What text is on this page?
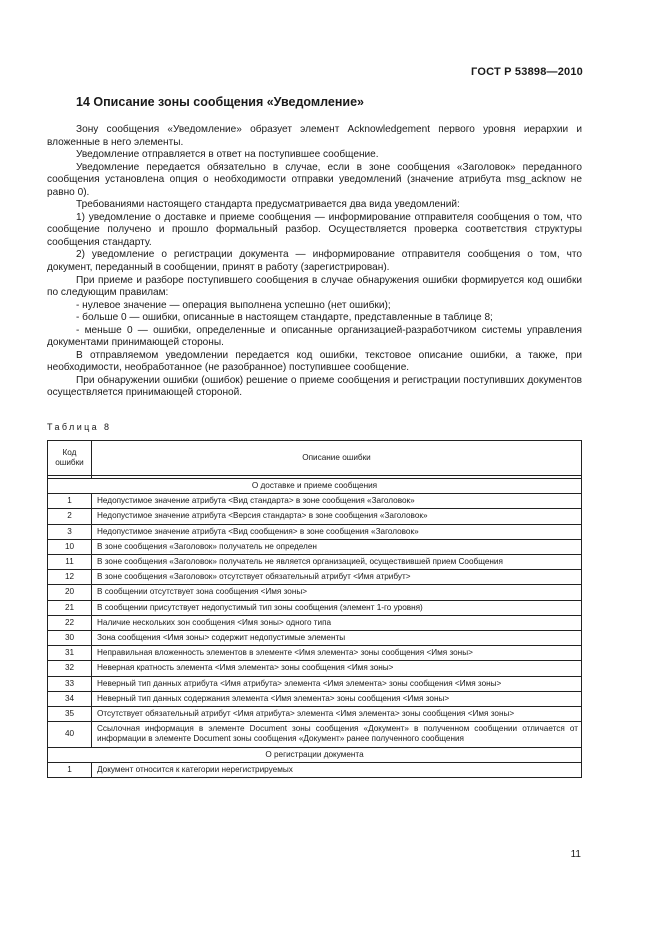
ГОСТ Р 53898—2010
14 Описание зоны сообщения «Уведомление»

Зону сообщения «Уведомление» образует элемент Acknowledgement первого уровня иерархии и вложенные в него элементы.

Уведомление отправляется в ответ на поступившее сообщение.

Уведомление передается обязательно в случае, если в зоне сообщения «Заголовок» переданного сообщения установлена опция о необходимости отправки уведомлений (значение атрибута msg_acknow не равно 0).

Требованиями настоящего стандарта предусматривается два вида уведомлений:

1) уведомление о доставке и приеме сообщения — информирование отправителя сообщения о том, что сообщение получено и прошло формальный разбор. Осуществляется проверка соответствия структуры сообщения стандарту.

2) уведомление о регистрации документа — информирование отправителя сообщения о том, что документ, переданный в сообщении, принят в работу (зарегистрирован).

При приеме и разборе поступившего сообщения в случае обнаружения ошибки формируется код ошибки по следующим правилам:

- нулевое значение — операция выполнена успешно (нет ошибки);

- больше 0 — ошибки, описанные в настоящем стандарте, представленные в таблице 8;

- меньше 0 — ошибки, определенные и описанные организацией-разработчиком системы управления документами принимающей стороны.

В отправляемом уведомлении передается код ошибки, текстовое описание ошибки, а также, при необходимости, необработанное (не разобранное) поступившее сообщение.

При обнаружении ошибки (ошибок) решение о приеме сообщения и регистрации поступивших документов осуществляется принимающей стороной.

Таблица 8
Код ошибки	Описание ошибки

О доставке и приеме сообщения	
1	Недопустимое значение атрибута <Вид стандарта> в зоне сообщения «Заголовок»
2	Недопустимое значение атрибута <Версия стандарта> в зоне сообщения «Заголовок»
3	Недопустимое значение атрибута <Вид сообщения> в зоне сообщения «Заголовок»
10	В зоне сообщения «Заголовок» получатель не определен
11	В зоне сообщения «Заголовок» получатель не является организацией, осуществившей прием Сообщения
12	В зоне сообщения «Заголовок» отсутствует обязательный атрибут <Имя атрибут>
20	В сообщении отсутствует зона сообщения <Имя зоны>
21	В сообщении присутствует недопустимый тип зоны сообщения (элемент 1-го уровня)
22	Наличие нескольких зон сообщения <Имя зоны> одного типа
30	Зона сообщения <Имя зоны> содержит недопустимые элементы
31	Неправильная вложенность элементов в элементе <Имя элемента> зоны сообщения <Имя зоны>
32	Неверная кратность элемента <Имя элемента> зоны сообщения <Имя зоны>
33	Неверный тип данных атрибута <Имя атрибута> элемента <Имя элемента> зоны сообщения <Имя зоны>
34	Неверный тип данных содержания элемента <Имя элемента> зоны сообщения <Имя зоны>
35	Отсутствует обязательный атрибут <Имя атрибута> элемента <Имя элемента> зоны сообщения <Имя зоны>
40	Ссылочная информация в элементе Document зоны сообщения «Документ» в полученном сообщении отличается от информации в элементе Document зоны сообщения «Документ» ранее полученного сообщения
О регистрации документа	
1	Документ относится к категории нерегистрируемых
11
